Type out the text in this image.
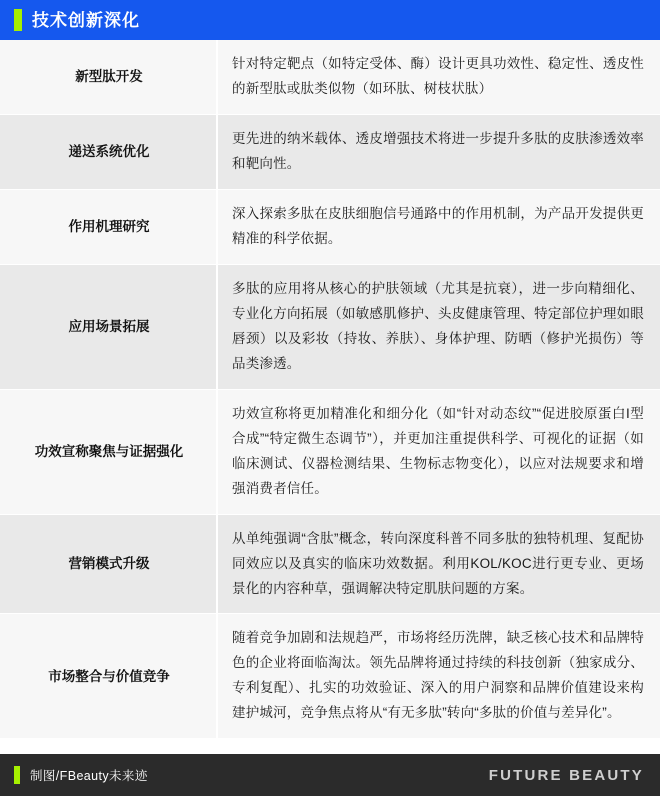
技术创新深化
新型肽开发
针对特定靶点（如特定受体、酶）设计更具功效性、稳定性、透皮性的新型肽或肽类似物（如环肽、树枝状肽）
递送系统优化
更先进的纳米载体、透皮增强技术将进一步提升多肽的皮肤渗透效率和靶向性。
作用机理研究
深入探索多肽在皮肤细胞信号通路中的作用机制，为产品开发提供更精准的科学依据。
应用场景拓展
多肽的应用将从核心的护肤领域（尤其是抗衰），进一步向精细化、专业化方向拓展（如敏感肌修护、头皮健康管理、特定部位护理如眼唇颈）以及彩妆（持妆、养肤）、身体护理、防晒（修护光损伤）等品类渗透。
功效宣称聚焦与证据强化
功效宣称将更加精准化和细分化（如“针对动态纹”“促进胶原蛋白I型合成”“特定微生态调节”），并更加注重提供科学、可视化的证据（如临床测试、仪器检测结果、生物标志物变化），以应对法规要求和增强消费者信任。
营销模式升级
从单纯强调“含肽”概念，转向深度科普不同多肽的独特机理、复配协同效应以及真实的临床功效数据。利用KOL/KOC进行更专业、更场景化的内容种草，强调解决特定肌肤问题的方案。
市场整合与价值竞争
随着竞争加剧和法规趋严，市场将经历洗牌，缺乏核心技术和品牌特色的企业将面临淘汰。领先品牌将通过持续的科技创新（独家成分、专利复配）、扎实的功效验证、深入的用户洞察和品牌价值建设来构建护城河，竞争焦点将从“有无多肽”转向“多肽的价值与差异化”。
制图/FBeauty未来迹	FUTURE BEAUTY
